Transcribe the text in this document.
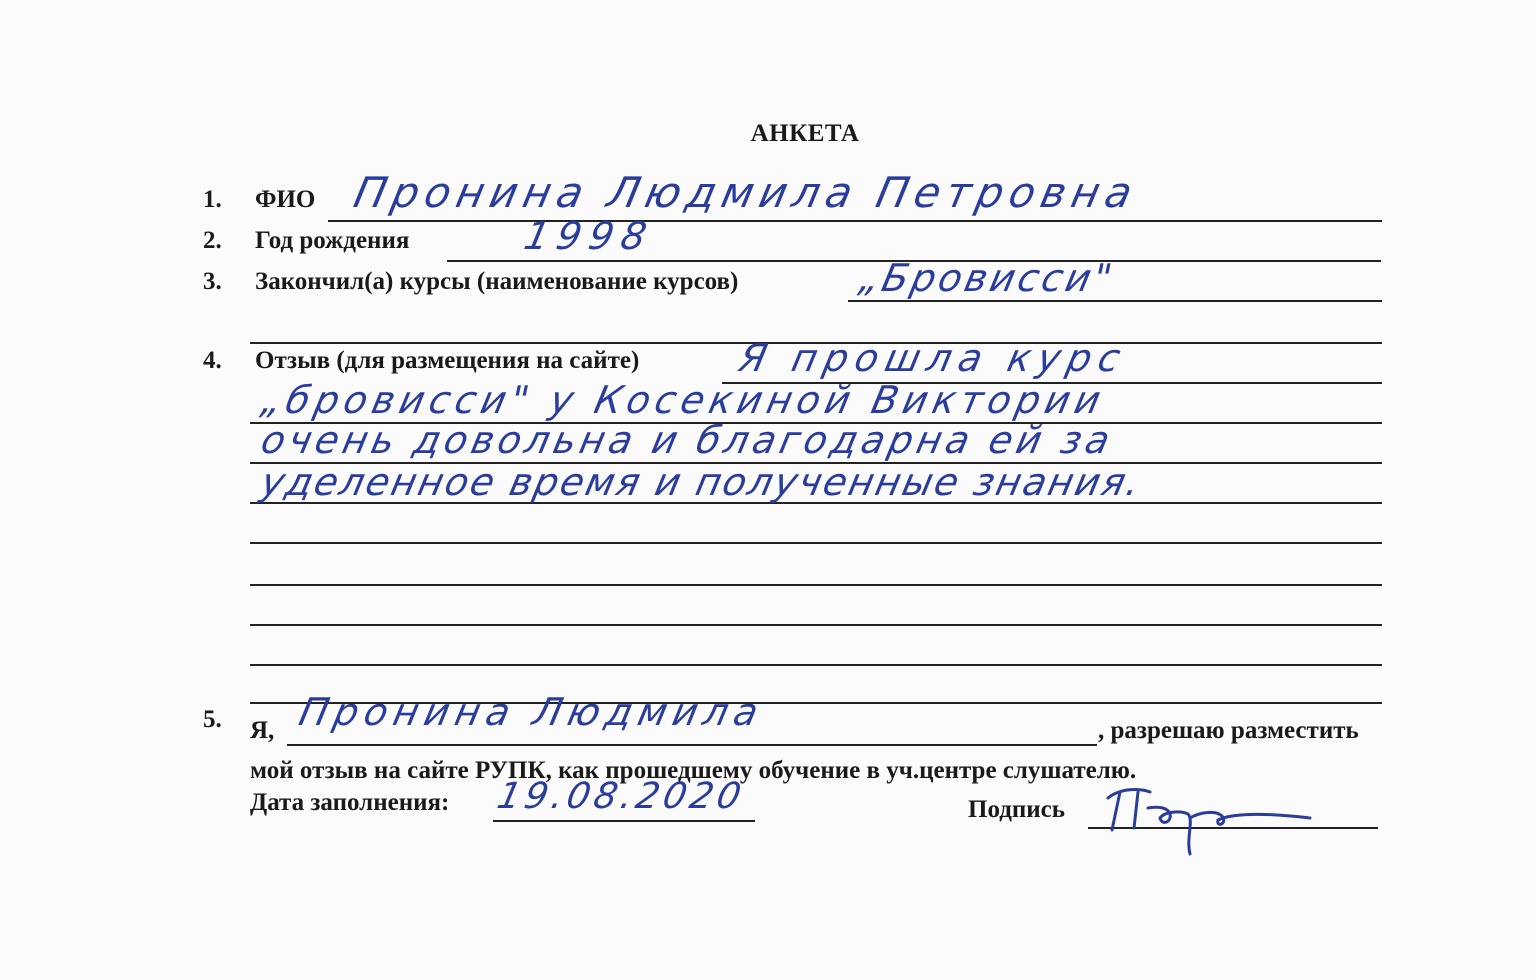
АНКЕТА
1. ФИО Пронина Людмила Петровна
2. Год рождения	1998
3. Закончил(а) курсы (наименование курсов)	„Бровисси"
4. Отзыв (для размещения на сайте)	Я прошла курс
„бровисси" у Косекиной Виктории
очень довольна и благодарна ей за
уделенное время и полученные знания.
5. Я, Пронина Людмила	, разрешаю разместить
мой отзыв на сайте РУПК, как прошедшему обучение в уч.центре слушателю.
Дата заполнения: 19.08.2020	Подпись
